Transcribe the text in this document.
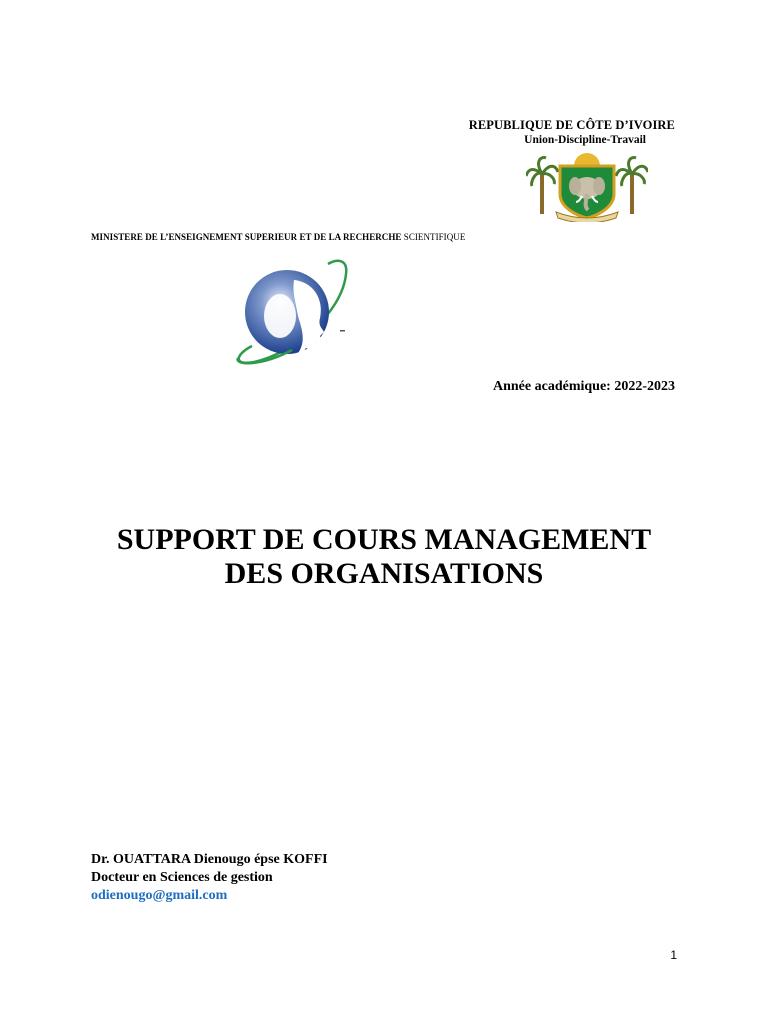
REPUBLIQUE DE CÔTE D’IVOIRE
Union-Discipline-Travail
MINISTERE DE L’ENSEIGNEMENT SUPERIEUR ET DE LA RECHERCHE SCIENTIFIQUE
Année académique: 2022-2023
SUPPORT DE COURS MANAGEMENT
DES ORGANISATIONS
Dr. OUATTARA Dienougo épse KOFFI
Docteur en Sciences de gestion
odienougo@gmail.com
1
